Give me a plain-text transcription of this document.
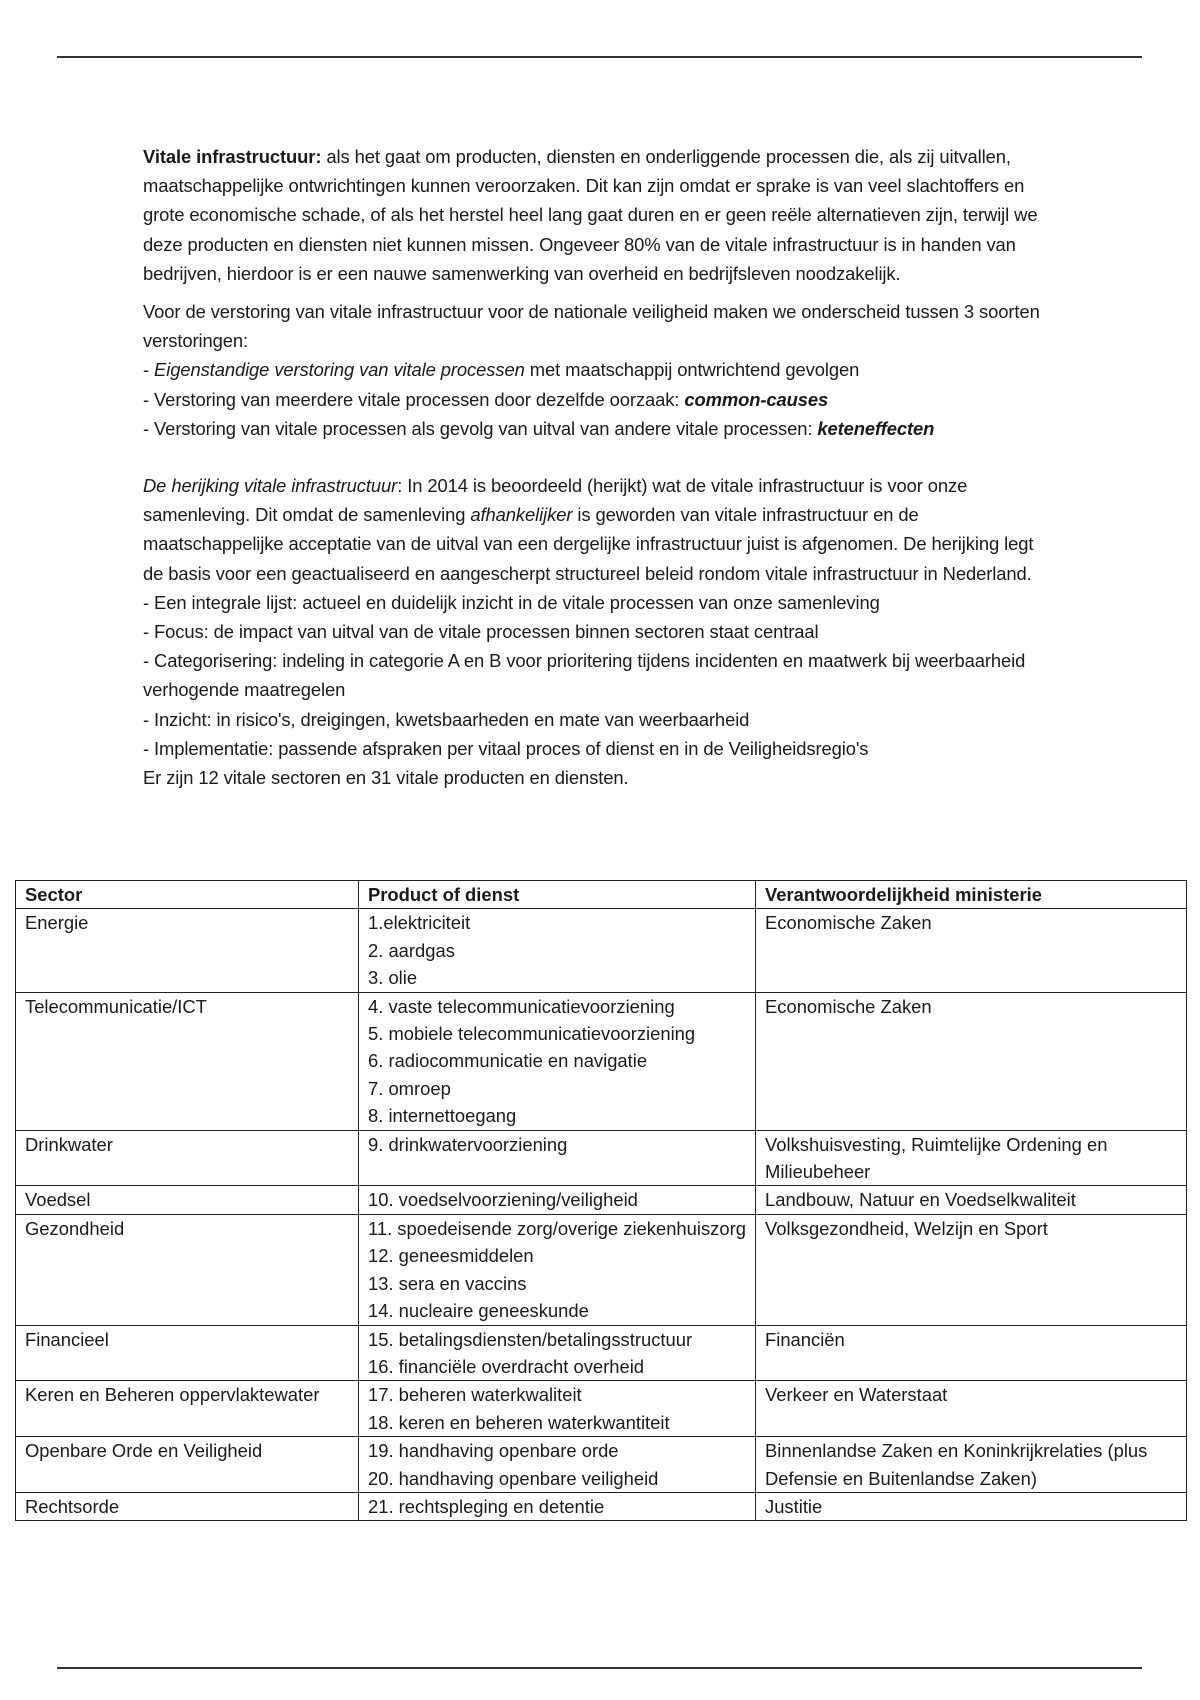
Vitale infrastructuur: als het gaat om producten, diensten en onderliggende processen die, als zij uitvallen, maatschappelijke ontwrichtingen kunnen veroorzaken. Dit kan zijn omdat er sprake is van veel slachtoffers en grote economische schade, of als het herstel heel lang gaat duren en er geen reële alternatieven zijn, terwijl we deze producten en diensten niet kunnen missen. Ongeveer 80% van de vitale infrastructuur is in handen van bedrijven, hierdoor is er een nauwe samenwerking van overheid en bedrijfsleven noodzakelijk.

Voor de verstoring van vitale infrastructuur voor de nationale veiligheid maken we onderscheid tussen 3 soorten verstoringen:

- Eigenstandige verstoring van vitale processen met maatschappij ontwrichtend gevolgen

- Verstoring van meerdere vitale processen door dezelfde oorzaak: common-causes

- Verstoring van vitale processen als gevolg van uitval van andere vitale processen: keteneffecten

De herijking vitale infrastructuur: In 2014 is beoordeeld (herijkt) wat de vitale infrastructuur is voor onze samenleving. Dit omdat de samenleving afhankelijker is geworden van vitale infrastructuur en de maatschappelijke acceptatie van de uitval van een dergelijke infrastructuur juist is afgenomen. De herijking legt de basis voor een geactualiseerd en aangescherpt structureel beleid rondom vitale infrastructuur in Nederland.

- Een integrale lijst: actueel en duidelijk inzicht in de vitale processen van onze samenleving

- Focus: de impact van uitval van de vitale processen binnen sectoren staat centraal

- Categorisering: indeling in categorie A en B voor prioritering tijdens incidenten en maatwerk bij weerbaarheid verhogende maatregelen

- Inzicht: in risico's, dreigingen, kwetsbaarheden en mate van weerbaarheid

- Implementatie: passende afspraken per vitaal proces of dienst en in de Veiligheidsregio's

Er zijn 12 vitale sectoren en 31 vitale producten en diensten.

Sector	Product of dienst	Verantwoordelijkheid ministerie
Energie	1.elektriciteit
2. aardgas
3. olie	Economische Zaken
Telecommunicatie/ICT	4. vaste telecommunicatievoorziening
5. mobiele telecommunicatievoorziening
6. radiocommunicatie en navigatie
7. omroep
8. internettoegang	Economische Zaken
Drinkwater	9. drinkwatervoorziening	Volkshuisvesting, Ruimtelijke Ordening en Milieubeheer
Voedsel	10. voedselvoorziening/veiligheid	Landbouw, Natuur en Voedselkwaliteit
Gezondheid	11. spoedeisende zorg/overige ziekenhuiszorg
12. geneesmiddelen
13. sera en vaccins
14. nucleaire geneeskunde	Volksgezondheid, Welzijn en Sport
Financieel	15. betalingsdiensten/betalingsstructuur
16. financiële overdracht overheid	Financiën
Keren en Beheren oppervlaktewater	17. beheren waterkwaliteit
18. keren en beheren waterkwantiteit	Verkeer en Waterstaat
Openbare Orde en Veiligheid	19. handhaving openbare orde
20. handhaving openbare veiligheid	Binnenlandse Zaken en Koninkrijkrelaties (plus Defensie en Buitenlandse Zaken)
Rechtsorde	21. rechtspleging en detentie	Justitie
